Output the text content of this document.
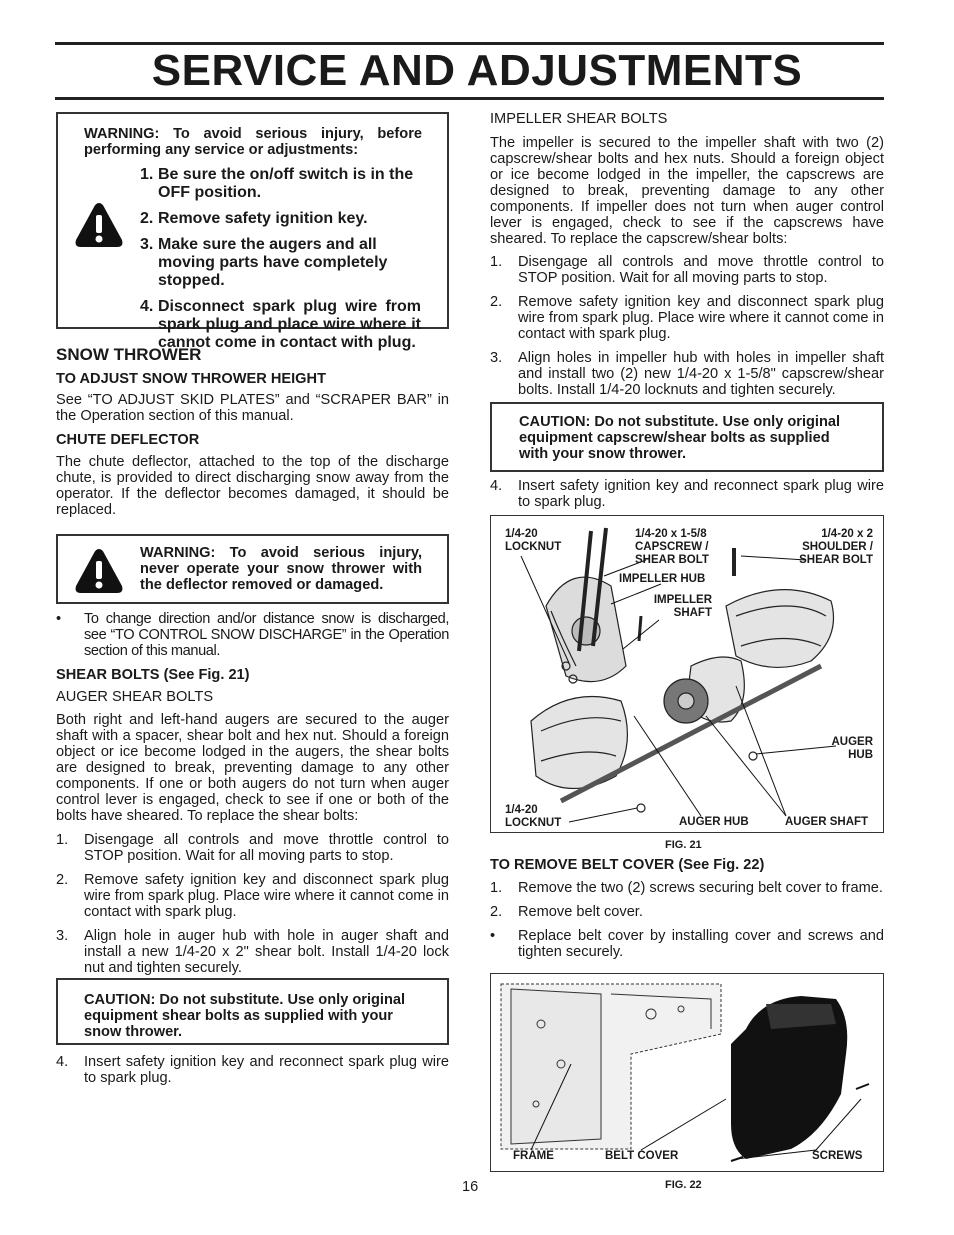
SERVICE AND ADJUSTMENTS
WARNING: To avoid serious injury, before performing any service or adjustments:
1. Be sure the on/off switch is in the OFF position.
2. Remove safety ignition key.
3. Make sure the augers and all moving parts have completely stopped.
4. Disconnect spark plug wire from spark plug and place wire where it cannot come in contact with plug.
SNOW THROWER
TO ADJUST SNOW THROWER HEIGHT

See “TO ADJUST SKID PLATES” and “SCRAPER BAR” in the Operation section of this manual.

CHUTE DEFLECTOR

The chute deflector, attached to the top of the discharge chute, is provided to direct discharging snow away from the operator. If the deflector becomes damaged, it should be replaced.

WARNING: To avoid serious injury, never operate your snow thrower with the deflector removed or damaged.
• To change direction and/or distance snow is discharged, see “TO CONTROL SNOW DISCHARGE” in the Operation section of this manual.

SHEAR BOLTS (See Fig. 21)

AUGER SHEAR BOLTS

Both right and left-hand augers are secured to the auger shaft with a spacer, shear bolt and hex nut. Should a foreign object or ice become lodged in the augers, the shear bolts are designed to break, preventing damage to any other components. If one or both augers do not turn when auger control lever is engaged, check to see if one or both of the bolts have sheared. To replace the shear bolts:

1. Disengage all controls and move throttle control to STOP position. Wait for all moving parts to stop.

2. Remove safety ignition key and disconnect spark plug wire from spark plug. Place wire where it cannot come in contact with spark plug.

3. Align hole in auger hub with hole in auger shaft and install a new 1/4-20 x 2" shear bolt. Install 1/4-20 lock nut and tighten securely.

CAUTION: Do not substitute. Use only original equipment shear bolts as supplied with your snow thrower.
4. Insert safety ignition key and reconnect spark plug wire to spark plug.

16

IMPELLER SHEAR BOLTS

The impeller is secured to the impeller shaft with two (2) capscrew/shear bolts and hex nuts. Should a foreign object or ice become lodged in the impeller, the capscrews are designed to break, preventing damage to any other components. If impeller does not turn when auger control lever is engaged, check to see if the capscrews have sheared. To replace the capscrew/shear bolts:

1. Disengage all controls and move throttle control to STOP position. Wait for all moving parts to stop.

2. Remove safety ignition key and disconnect spark plug wire from spark plug. Place wire where it cannot come in contact with spark plug.

3. Align holes in impeller hub with holes in impeller shaft and install two (2) new 1/4-20 x 1-5/8" capscrew/shear bolts. Install 1/4-20 locknuts and tighten securely.

CAUTION: Do not substitute. Use only original equipment capscrew/shear bolts as supplied with your snow thrower.
4. Insert safety ignition key and reconnect spark plug wire to spark plug.

1/4-20 LOCKNUT
1/4-20 x 1-5/8 CAPSCREW / SHEAR BOLT
1/4-20 x 2 SHOULDER / SHEAR BOLT
IMPELLER HUB
IMPELLER SHAFT
AUGER HUB
1/4-20 LOCKNUT	AUGER HUB	AUGER SHAFT
FIG. 21
TO REMOVE BELT COVER (See Fig. 22)
1. Remove the two (2) screws securing belt cover to frame.

2. Remove belt cover.

• Replace belt cover by installing cover and screws and tighten securely.

FRAME	BELT COVER	SCREWS
FIG. 22
